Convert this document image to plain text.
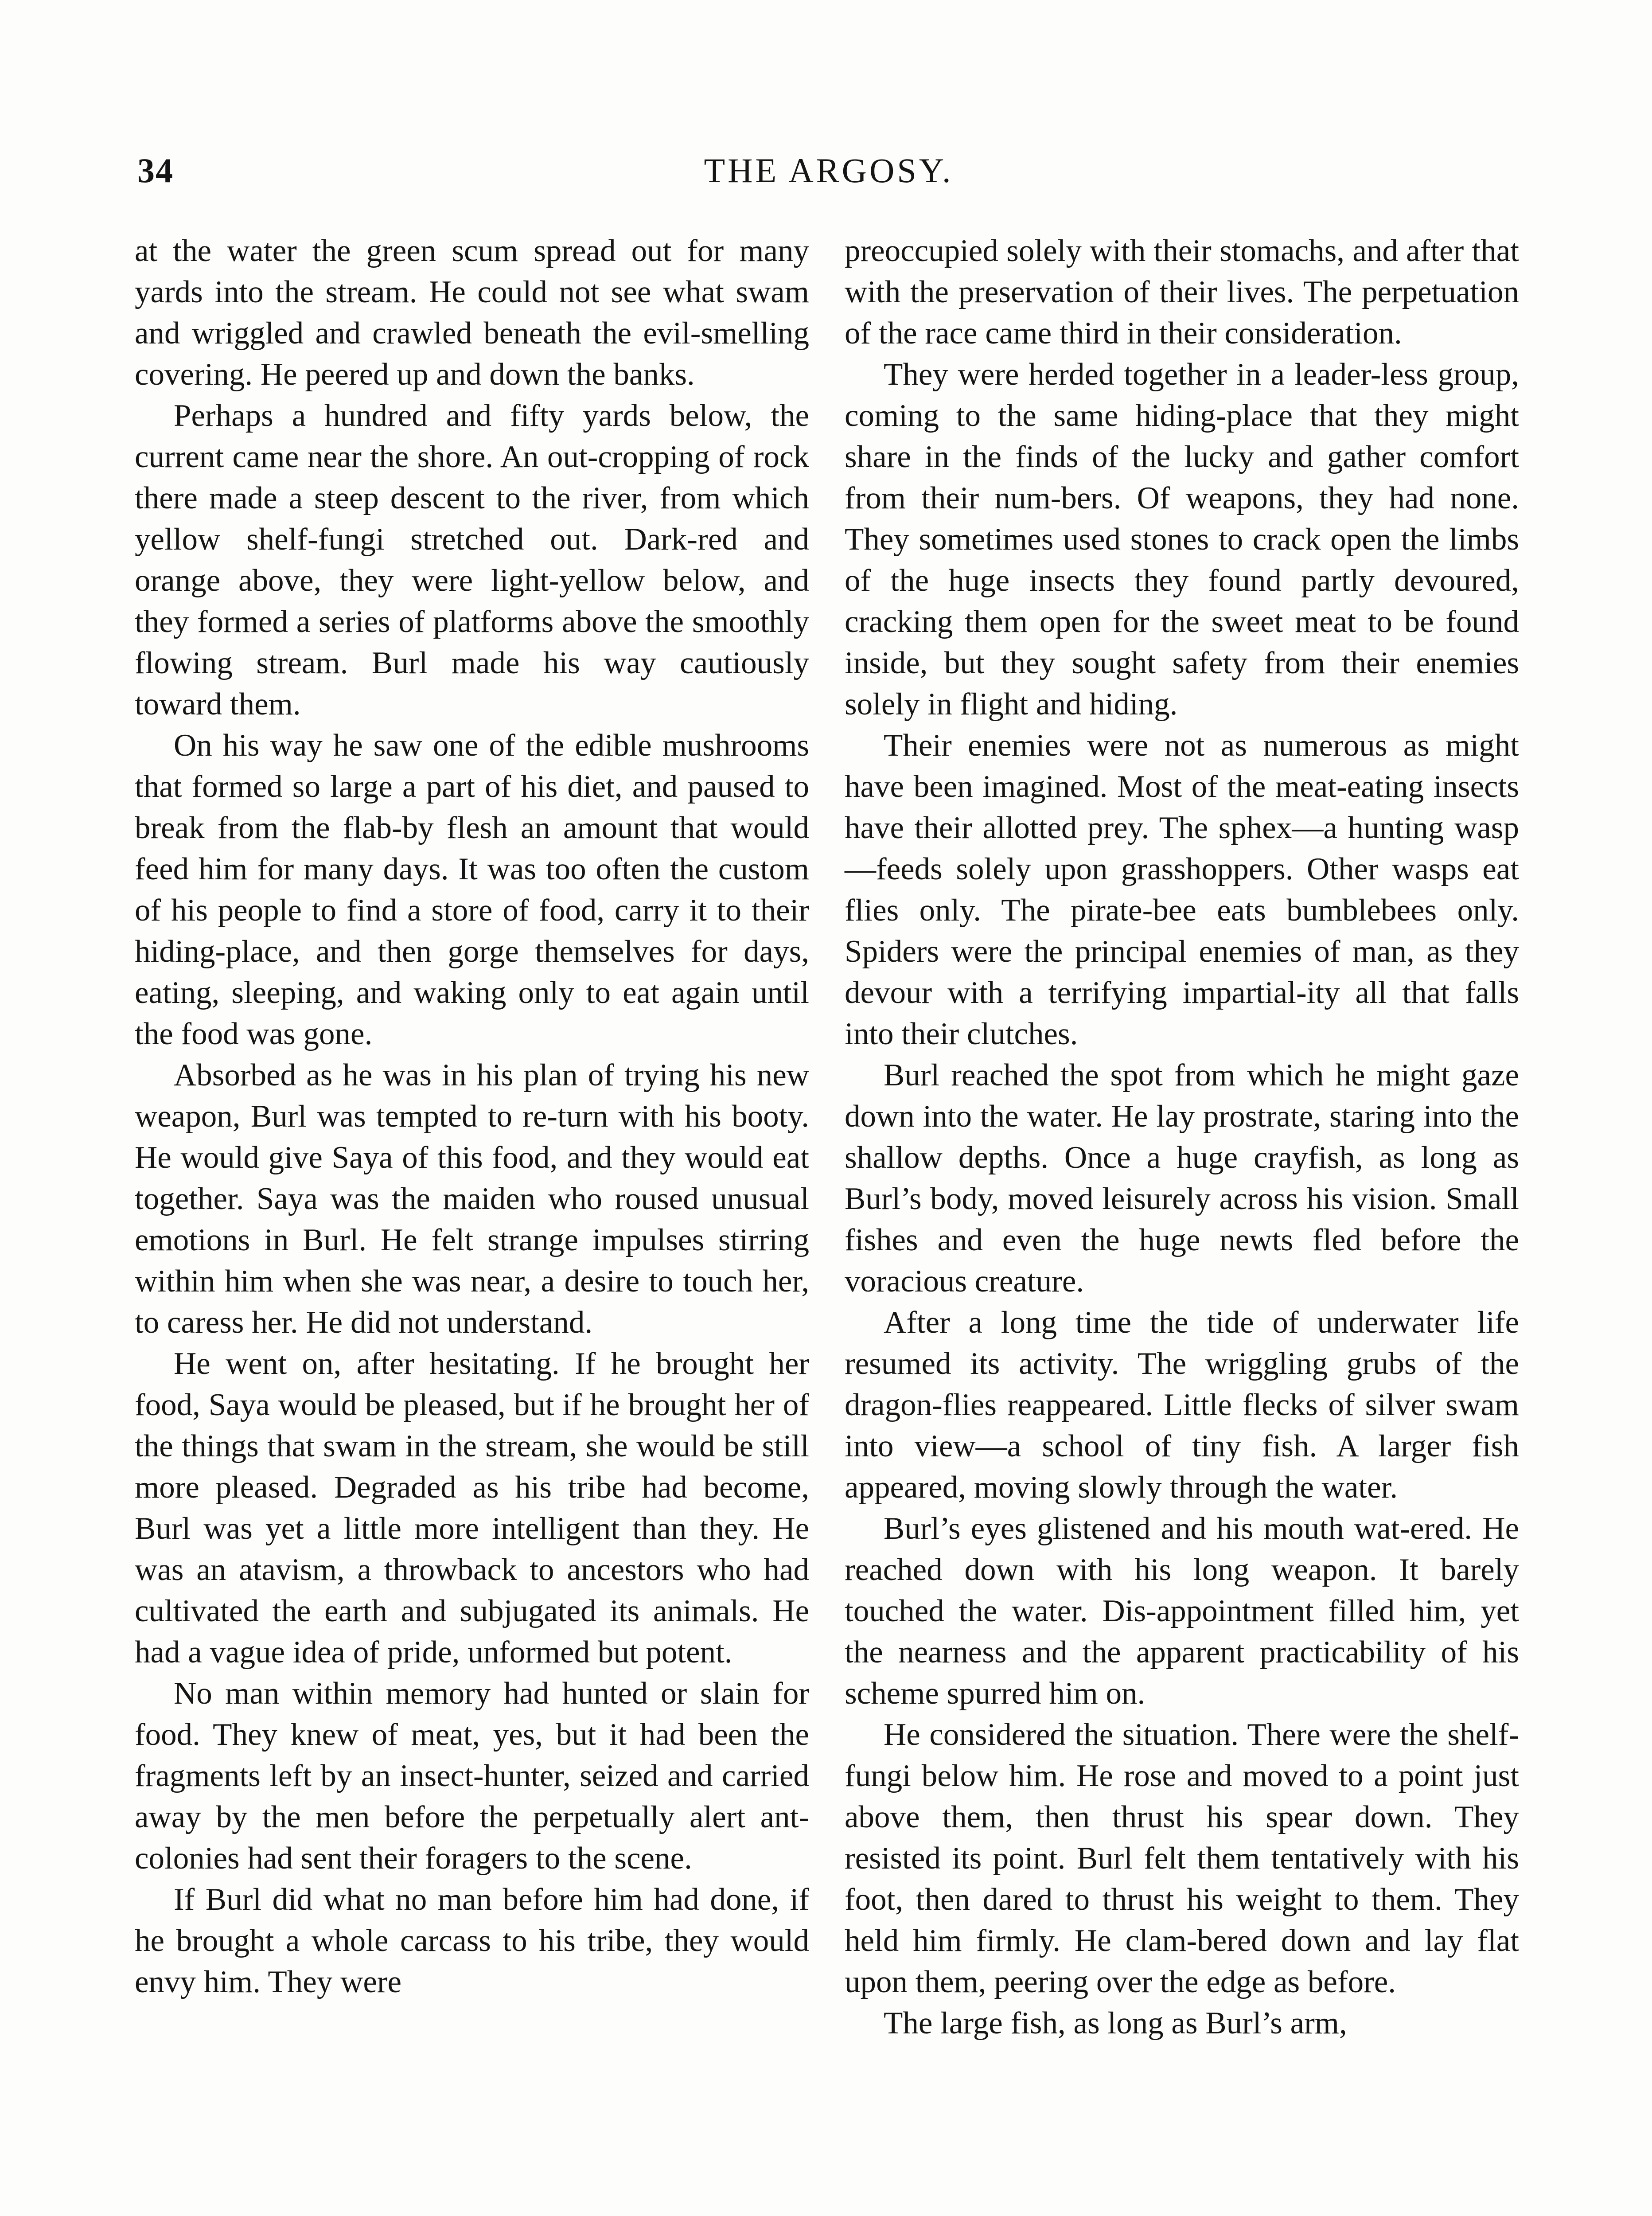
34	THE ARGOSY.

at the water the green scum spread out for many yards into the stream. He could not see what swam and wriggled and crawled beneath the evil-smelling covering. He peered up and down the banks.

Perhaps a hundred and fifty yards below, the current came near the shore. An out-cropping of rock there made a steep descent to the river, from which yellow shelf-fungi stretched out. Dark-red and orange above, they were light-yellow below, and they formed a series of platforms above the smoothly flowing stream. Burl made his way cautiously toward them.

On his way he saw one of the edible mushrooms that formed so large a part of his diet, and paused to break from the flab-by flesh an amount that would feed him for many days. It was too often the custom of his people to find a store of food, carry it to their hiding-place, and then gorge themselves for days, eating, sleeping, and waking only to eat again until the food was gone.

Absorbed as he was in his plan of trying his new weapon, Burl was tempted to re-turn with his booty. He would give Saya of this food, and they would eat together. Saya was the maiden who roused unusual emotions in Burl. He felt strange impulses stirring within him when she was near, a desire to touch her, to caress her. He did not understand.

He went on, after hesitating. If he brought her food, Saya would be pleased, but if he brought her of the things that swam in the stream, she would be still more pleased. Degraded as his tribe had become, Burl was yet a little more intelligent than they. He was an atavism, a throwback to ancestors who had cultivated the earth and subjugated its animals. He had a vague idea of pride, unformed but potent.

No man within memory had hunted or slain for food. They knew of meat, yes, but it had been the fragments left by an insect-hunter, seized and carried away by the men before the perpetually alert ant-colonies had sent their foragers to the scene.

If Burl did what no man before him had done, if he brought a whole carcass to his tribe, they would envy him. They were

preoccupied solely with their stomachs, and after that with the preservation of their lives. The perpetuation of the race came third in their consideration.

They were herded together in a leader-less group, coming to the same hiding-place that they might share in the finds of the lucky and gather comfort from their num-bers. Of weapons, they had none. They sometimes used stones to crack open the limbs of the huge insects they found partly devoured, cracking them open for the sweet meat to be found inside, but they sought safety from their enemies solely in flight and hiding.

Their enemies were not as numerous as might have been imagined. Most of the meat-eating insects have their allotted prey. The sphex—a hunting wasp—feeds solely upon grasshoppers. Other wasps eat flies only. The pirate-bee eats bumblebees only. Spiders were the principal enemies of man, as they devour with a terrifying impartial-ity all that falls into their clutches.

Burl reached the spot from which he might gaze down into the water. He lay prostrate, staring into the shallow depths. Once a huge crayfish, as long as Burl’s body, moved leisurely across his vision. Small fishes and even the huge newts fled before the voracious creature.

After a long time the tide of underwater life resumed its activity. The wriggling grubs of the dragon-flies reappeared. Little flecks of silver swam into view—a school of tiny fish. A larger fish appeared, moving slowly through the water.

Burl’s eyes glistened and his mouth wat-ered. He reached down with his long weapon. It barely touched the water. Dis-appointment filled him, yet the nearness and the apparent practicability of his scheme spurred him on.

He considered the situation. There were the shelf-fungi below him. He rose and moved to a point just above them, then thrust his spear down. They resisted its point. Burl felt them tentatively with his foot, then dared to thrust his weight to them. They held him firmly. He clam-bered down and lay flat upon them, peering over the edge as before.

The large fish, as long as Burl’s arm,
